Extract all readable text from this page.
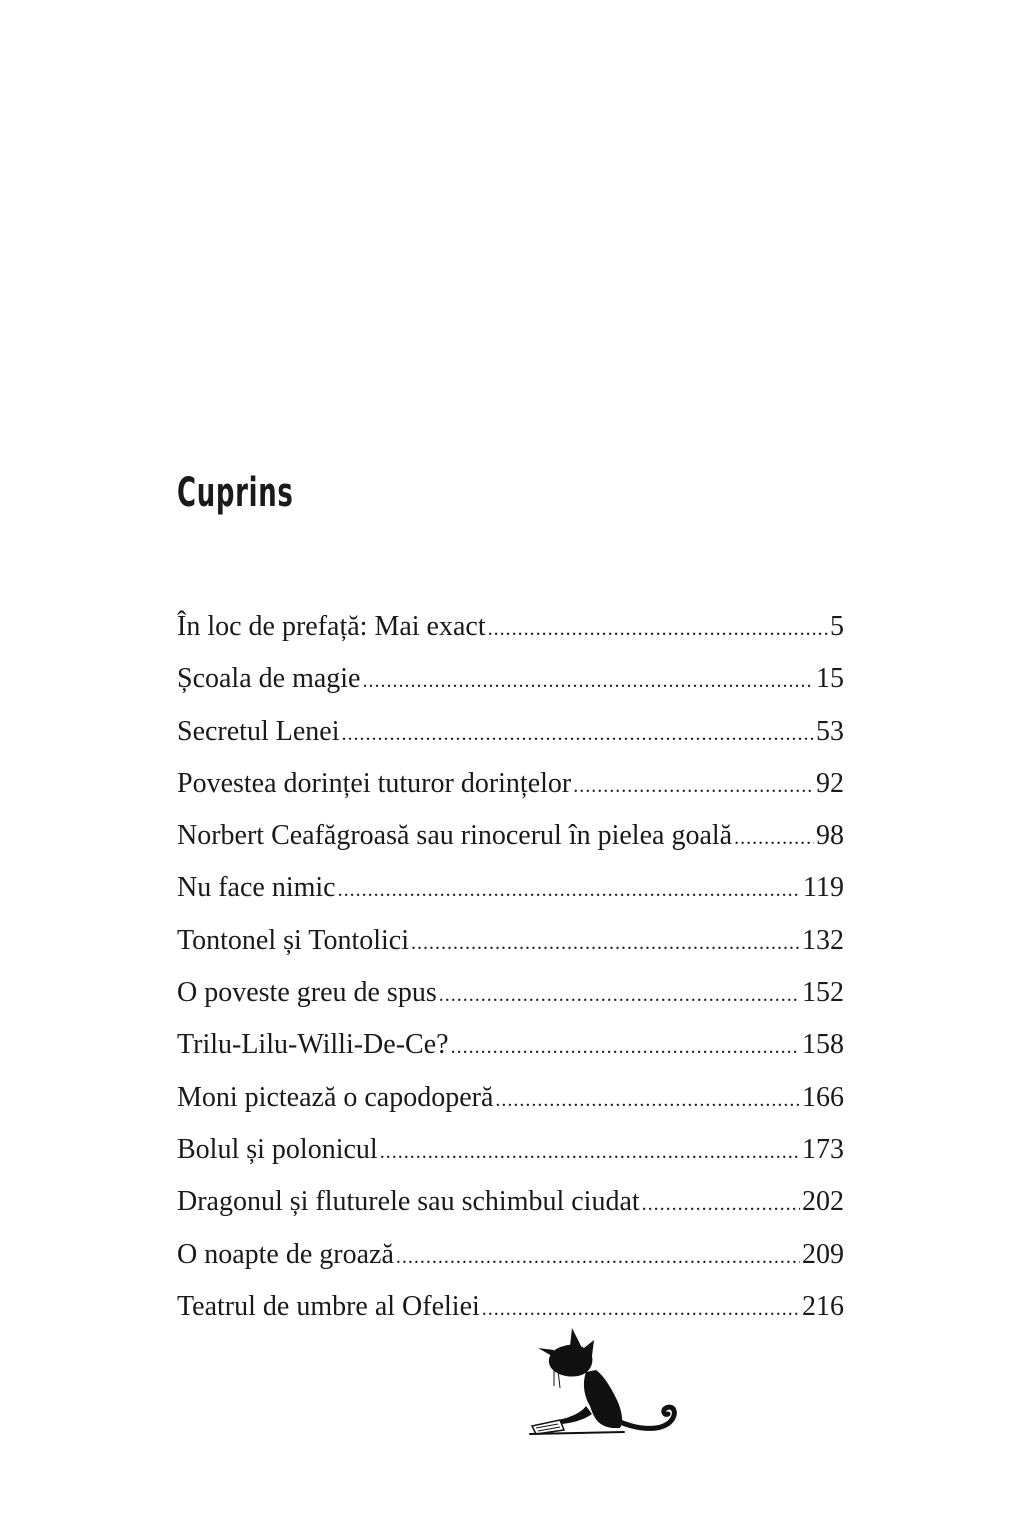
Cuprins
În loc de prefață: Mai exact .....	5
Școala de magie .....	15
Secretul Lenei .....	53
Povestea dorinței tuturor dorințelor .....	92
Norbert Ceafăgroasă sau rinocerul în pielea goală .....	98
Nu face nimic .....	119
Tontonel și Tontolici .....	132
O poveste greu de spus .....	152
Trilu-Lilu-Willi-De-Ce? .....	158
Moni pictează o capodoperă .....	166
Bolul și polonicul .....	173
Dragonul și fluturele sau schimbul ciudat .....	202
O noapte de groază .....	209
Teatrul de umbre al Ofeliei .....	216
